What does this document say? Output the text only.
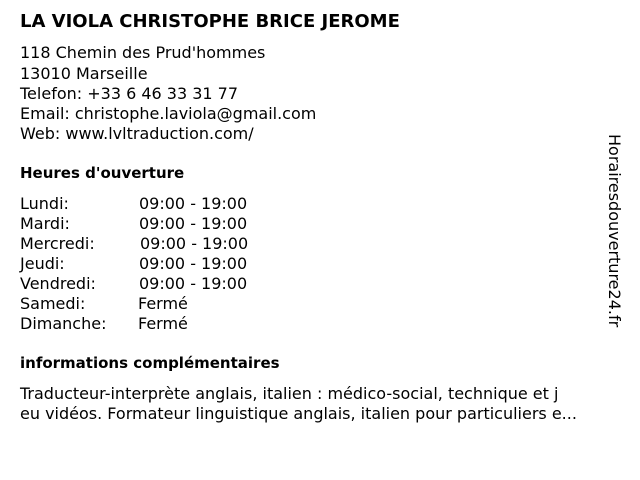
LA VIOLA CHRISTOPHE BRICE JEROME
118 Chemin des Prud'hommes
13010 Marseille
Telefon: +33 6 46 33 31 77
Email: christophe.laviola@gmail.com
Web: www.lvltraduction.com/
Heures d'ouverture
Lundi:	09:00 - 19:00
Mardi:	09:00 - 19:00
Mercredi:	09:00 - 19:00
Jeudi:	09:00 - 19:00
Vendredi:	09:00 - 19:00
Samedi:	Fermé
Dimanche: Fermé
informations complémentaires
Traducteur-interprète anglais, italien : médico-social, technique et j
eu vidéos. Formateur linguistique anglais, italien pour particuliers e...
Horairesdouverture24.fr
